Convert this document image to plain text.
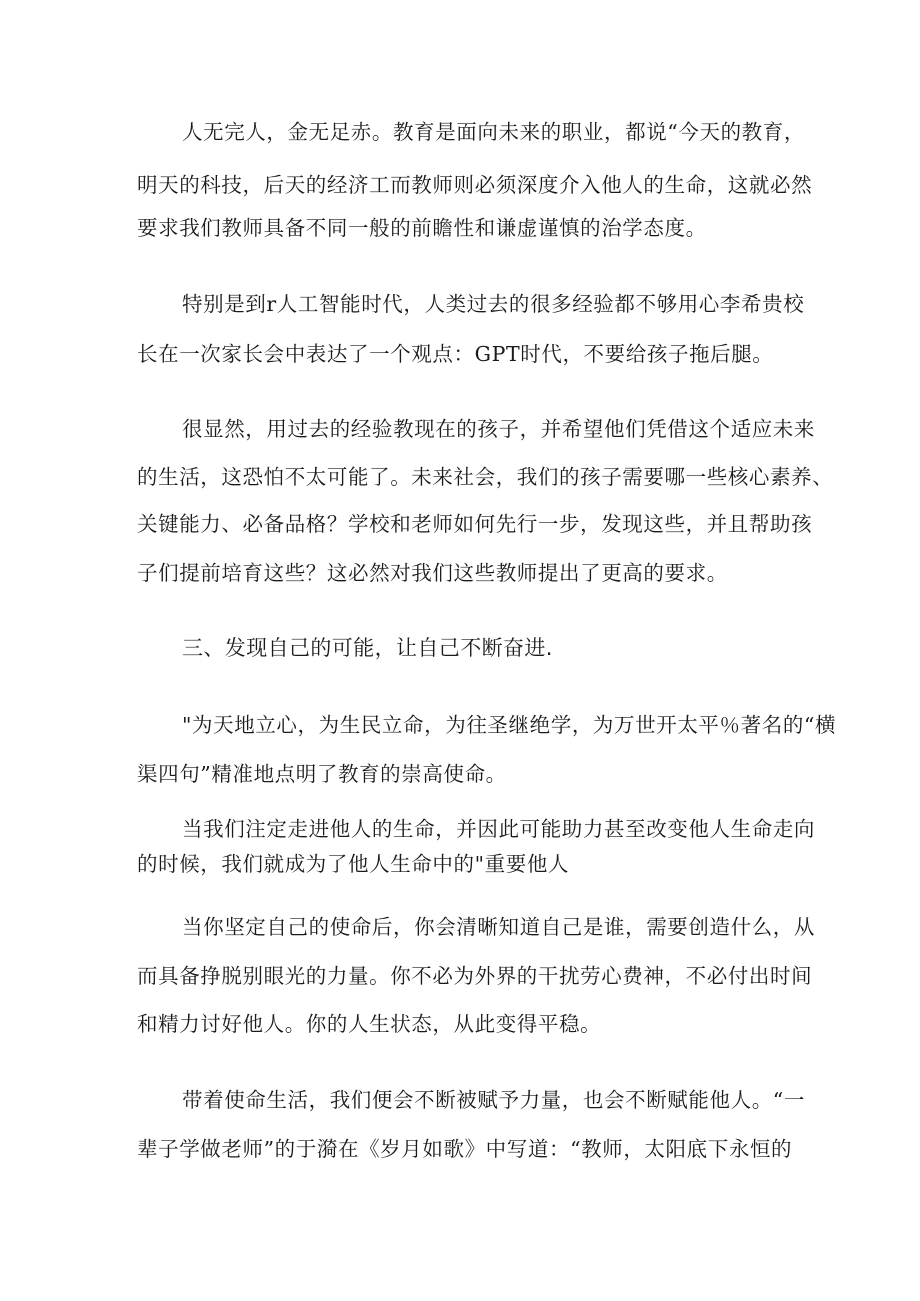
人无完人，金无足赤。教育是面向未来的职业，都说“今天的教育，
明天的科技，后天的经济工而教师则必须深度介入他人的生命，这就必然
要求我们教师具备不同一般的前瞻性和谦虚谨慎的治学态度。
特别是到r人工智能时代，人类过去的很多经验都不够用心李希贵校
长在一次家长会中表达了一个观点：GPT时代，不要给孩子拖后腿。
很显然，用过去的经验教现在的孩子，并希望他们凭借这个适应未来
的生活，这恐怕不太可能了。未来社会，我们的孩子需要哪一些核心素养、
关键能力、必备品格？学校和老师如何先行一步，发现这些，并且帮助孩
子们提前培育这些？这必然对我们这些教师提出了更高的要求。
三、发现自己的可能，让自己不断奋进.
"为天地立心，为生民立命，为往圣继绝学，为万世开太平％著名的“横
渠四句”精准地点明了教育的崇高使命。
当我们注定走进他人的生命，并因此可能助力甚至改变他人生命走向
的时候，我们就成为了他人生命中的"重要他人
当你坚定自己的使命后，你会清晰知道自己是谁，需要创造什么，从
而具备挣脱别眼光的力量。你不必为外界的干扰劳心费神，不必付出时间
和精力讨好他人。你的人生状态，从此变得平稳。
带着使命生活，我们便会不断被赋予力量，也会不断赋能他人。“一
辈子学做老师”的于漪在《岁月如歌》中写道：“教师，太阳底下永恒的
